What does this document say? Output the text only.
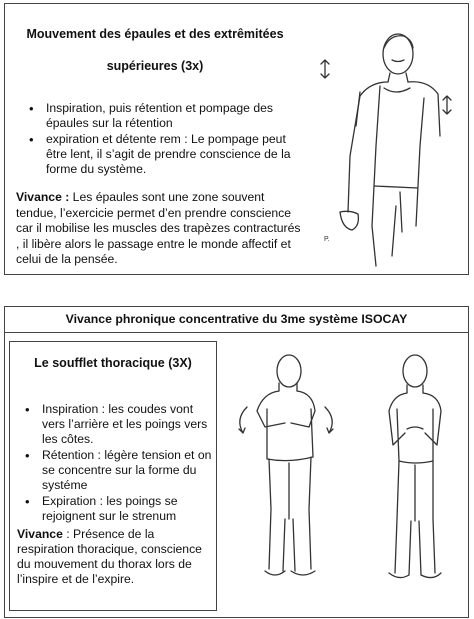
Mouvement des épaules et des extrêmitées
supérieures (3x)
• Inspiration, puis rétention et pompage des épaules sur la rétention
• expiration et détente rem : Le pompage peut être lent, il s’agit de prendre conscience de la forme du système.
Vivance : Les épaules sont une zone souvent tendue, l’exercicie permet d’en prendre conscience car il mobilise les muscles des trapèzes contracturés , il libère alors le passage entre le monde affectif et celui de la pensée.
P.
Vivance phronique concentrative du 3me système ISOCAY
Le soufflet thoracique (3X)
• Inspiration : les coudes vont vers l’arrière et les poings vers les côtes.
• Rétention : légère tension et on se concentre sur la forme du systéme
• Expiration : les poings se rejoignent sur le strenum
Vivance : Présence de la respiration thoracique, conscience du mouvement du thorax lors de l’inspire et de l’expire.
